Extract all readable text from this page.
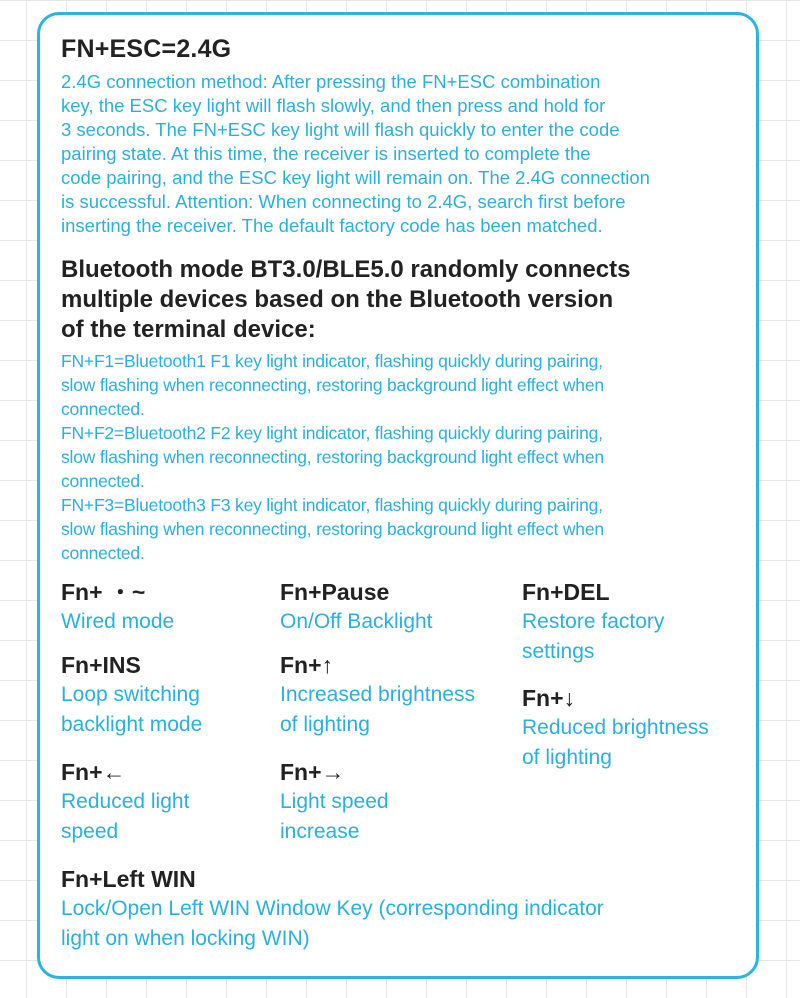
FN+ESC=2.4G

2.4G connection method: After pressing the FN+ESC combination
key, the ESC key light will flash slowly, and then press and hold for
3 seconds. The FN+ESC key light will flash quickly to enter the code
pairing state. At this time, the receiver is inserted to complete the
code pairing, and the ESC key light will remain on. The 2.4G connection
is successful. Attention: When connecting to 2.4G, search first before
inserting the receiver. The default factory code has been matched.

Bluetooth mode BT3.0/BLE5.0 randomly connects
multiple devices based on the Bluetooth version
of the terminal device:

FN+F1=Bluetooth1 F1 key light indicator, flashing quickly during pairing,
slow flashing when reconnecting, restoring background light effect when
connected.
FN+F2=Bluetooth2 F2 key light indicator, flashing quickly during pairing,
slow flashing when reconnecting, restoring background light effect when
connected.
FN+F3=Bluetooth3 F3 key light indicator, flashing quickly during pairing,
slow flashing when reconnecting, restoring background light effect when
connected.
Fn+ ・~
Wired mode
Fn+Pause
On/Off Backlight
Fn+DEL
Restore factory
settings
Fn+INS
Loop switching
backlight mode
Fn+↑
Increased brightness
of lighting
Fn+↓
Reduced brightness
of lighting
Fn+←
Reduced light
speed
Fn+→
Light speed
increase
Fn+Left WIN
Lock/Open Left WIN Window Key (corresponding indicator
light on when locking WIN)
